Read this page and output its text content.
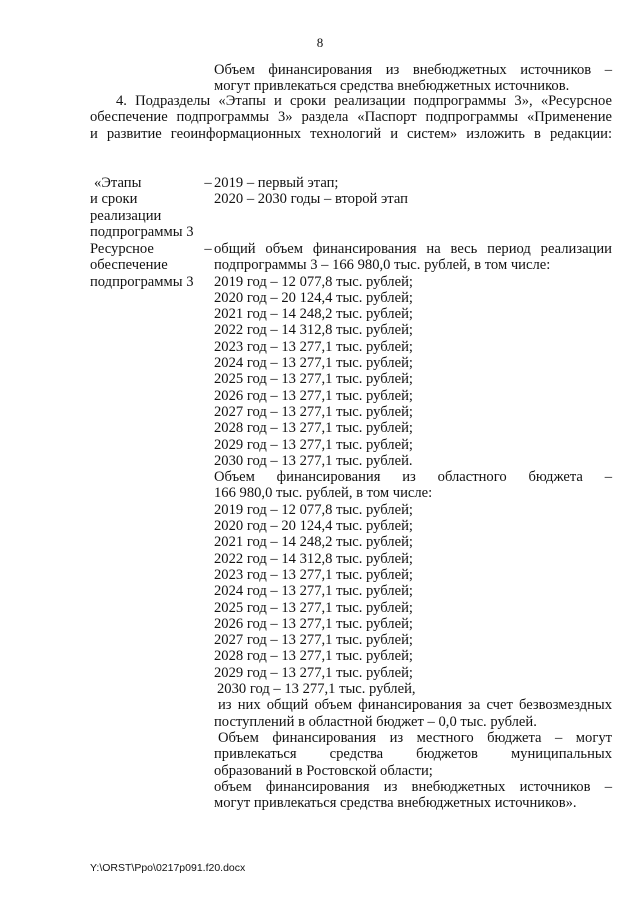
8
Объем финансирования из внебюджетных источников –
могут привлекаться средства внебюджетных источников.
4. Подразделы «Этапы и сроки реализации подпрограммы 3», «Ресурсное
обеспечение подпрограммы 3» раздела «Паспорт подпрограммы «Применение
и развитие геоинформационных технологий и систем» изложить в редакции:
«Этапы
и сроки
реализации
подпрограммы 3
– 2019 – первый этап;
2020 – 2030 годы – второй этап
Ресурсное
обеспечение
подпрограммы 3
– общий объем финансирования на весь период реализации
подпрограммы 3 – 166 980,0 тыс. рублей, в том числе:
2019 год – 12 077,8 тыс. рублей;
2020 год – 20 124,4 тыс. рублей;
2021 год – 14 248,2 тыс. рублей;
2022 год – 14 312,8 тыс. рублей;
2023 год – 13 277,1 тыс. рублей;
2024 год – 13 277,1 тыс. рублей;
2025 год – 13 277,1 тыс. рублей;
2026 год – 13 277,1 тыс. рублей;
2027 год – 13 277,1 тыс. рублей;
2028 год – 13 277,1 тыс. рублей;
2029 год – 13 277,1 тыс. рублей;
2030 год – 13 277,1 тыс. рублей.
Объем финансирования из областного бюджета –
166 980,0 тыс. рублей, в том числе:
2019 год – 12 077,8 тыс. рублей;
2020 год – 20 124,4 тыс. рублей;
2021 год – 14 248,2 тыс. рублей;
2022 год – 14 312,8 тыс. рублей;
2023 год – 13 277,1 тыс. рублей;
2024 год – 13 277,1 тыс. рублей;
2025 год – 13 277,1 тыс. рублей;
2026 год – 13 277,1 тыс. рублей;
2027 год – 13 277,1 тыс. рублей;
2028 год – 13 277,1 тыс. рублей;
2029 год – 13 277,1 тыс. рублей;
2030 год – 13 277,1 тыс. рублей,
из них общий объем финансирования за счет безвозмездных
поступлений в областной бюджет – 0,0 тыс. рублей.
Объем финансирования из местного бюджета – могут
привлекаться средства бюджетов муниципальных
образований в Ростовской области;
объем финансирования из внебюджетных источников –
могут привлекаться средства внебюджетных источников».
Y:\ORST\Ppo\0217p091.f20.docx
